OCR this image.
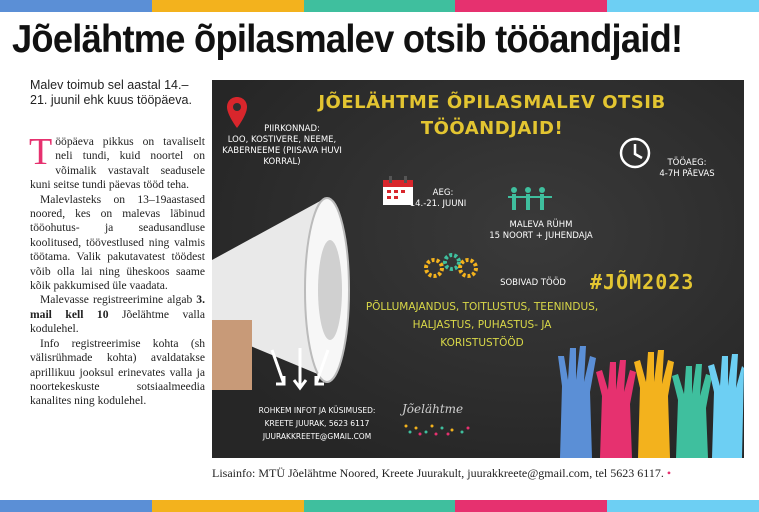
Jõelähtme õpilasmalev otsib tööandjaid!
Malev toimub sel aastal 14.–21. juunil ehk kuus tööpäeva.

Tööpäeva pikkus on tavaliselt neli tundi, kuid noortel on võimalik vastavalt seadusele kuni seitse tundi päevas tööd teha.

Malevlasteks on 13–19aastased noored, kes on malevas läbinud tööohutus- ja seadusandluse koolitused, töövestlused ning valmis töötama. Valik pakutavatest töödest võib olla lai ning üheskoos saame kõik pakkumised üle vaadata.

Malevasse registreerimine algab 3. mail kell 10 Jõelähtme valla kodulehel.

Info registreerimise kohta (sh välisrühmade kohta) avaldatakse aprillikuu jooksul erinevates valla ja noortekeskuste sotsiaalmeedia kanalites ning kodulehel.

JÕELÄHTME ÕPILASMALEV OTSIB
TÖÖANDJAID!
PIIRKONNAD:
LOO, KOSTIVERE, NEEME, KABERNEEME (PIISAVA HUVI KORRAL)	TÖÖAEG:
4-7H PÄEVAS
AEG:
14.-21. JUUNI
MALEVA RÜHM
15 NOORT + JUHENDAJA
SOBIVAD TÖÖD
PÕLLUMAJANDUS, TOITLUSTUS, TEENINDUS,
HALJASTUS, PUHASTUS- JA
KORISTUSTÖÖD
#JÕM2023
ROHKEM INFOT JA KÜSIMUSED:
KREETE JUURAK, 5623 6117
JUURAKKREETE@GMAIL.COM
Jõelähtme
Lisainfo: MTÜ Jõelähtme Noored, Kreete Juurakult, juurakkreete@gmail.com, tel 5623 6117. •
